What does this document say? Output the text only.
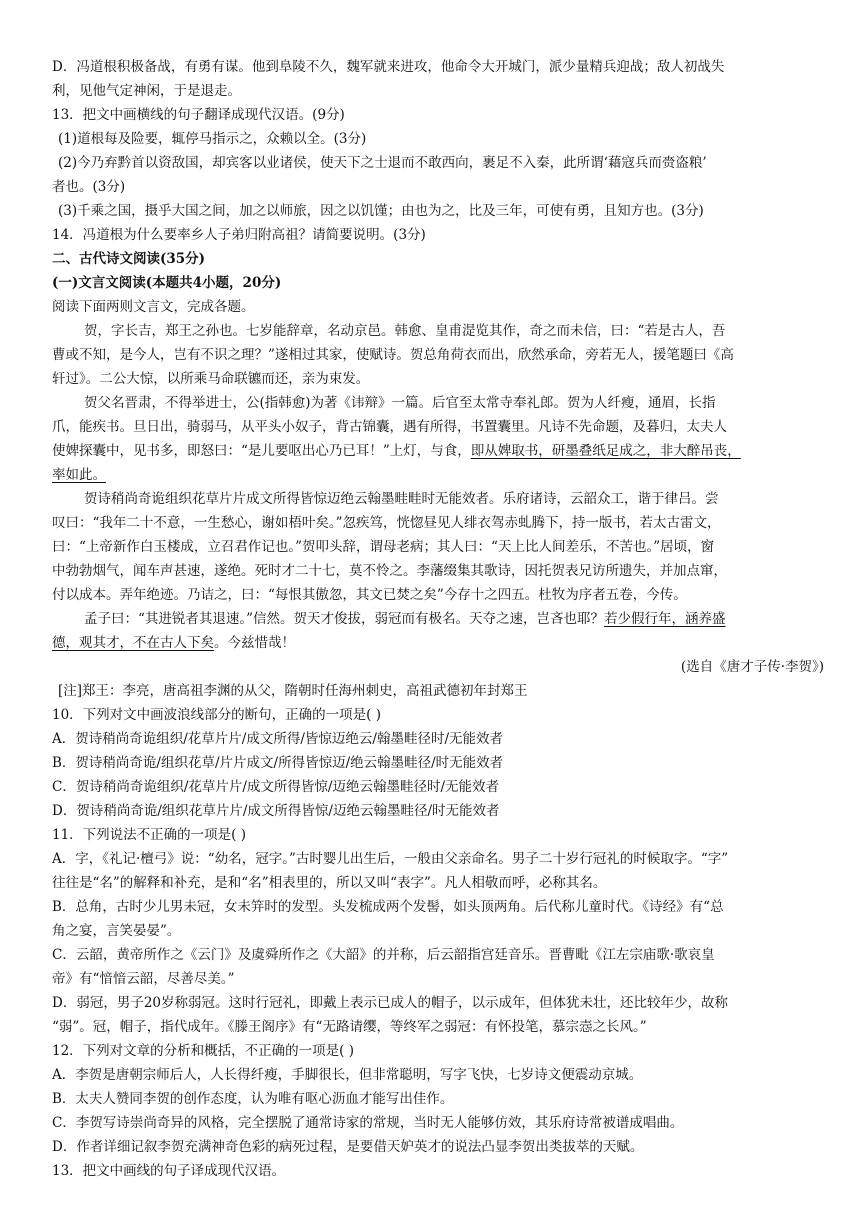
D．冯道根积极备战，有勇有谋。他到阜陵不久，魏军就来进攻，他命令大开城门，派少量精兵迎战；敌人初战失
利，见他气定神闲，于是退走。
13．把文中画横线的句子翻译成现代汉语。(9分)
(1)道根每及险要，辄停马指示之，众赖以全。(3分)
(2)今乃弃黔首以资敌国，却宾客以业诸侯，使天下之士退而不敢西向，裹足不入秦，此所谓‘藉寇兵而赍盗粮’
者也。(3分)
(3)千乘之国，摄乎大国之间，加之以师旅，因之以饥馑；由也为之，比及三年，可使有勇，且知方也。(3分)
14．冯道根为什么要率乡人子弟归附高祖？请简要说明。(3分)
二、古代诗文阅读(35分)
(一)文言文阅读(本题共4小题，20分)
阅读下面两则文言文，完成各题。
贺，字长吉，郑王之孙也。七岁能辞章，名动京邑。韩愈、皇甫湜览其作，奇之而未信，曰：“若是古人，吾
曹或不知，是今人，岂有不识之理？”遂相过其家，使赋诗。贺总角荷衣而出，欣然承命，旁若无人，援笔题曰《高
轩过》。二公大惊，以所乘马命联镳而还，亲为束发。
贺父名晋肃，不得举进士，公(指韩愈)为著《讳辩》一篇。后官至太常寺奉礼郎。贺为人纤瘦，通眉，长指
爪，能疾书。旦日出，骑弱马，从平头小奴子，背古锦囊，遇有所得，书置囊里。凡诗不先命题，及暮归，太夫人
使婢探囊中，见书多，即怒曰：“是儿要呕出心乃已耳！”上灯，与食，即从婢取书，研墨叠纸足成之，非大醉吊丧，
率如此。
贺诗稍尚奇诡组织花草片片成文所得皆惊迈绝云翰墨畦畦时无能效者。乐府诸诗，云韶众工，谐于律吕。尝
叹曰：“我年二十不意，一生愁心，谢如梧叶矣。”忽疾笃，恍惚昼见人绯衣驾赤虬腾下，持一版书，若太古雷文，
曰：“上帝新作白玉楼成，立召君作记也。”贺叩头辞，谓母老病；其人曰：“天上比人间差乐，不苦也。”居顷，窗
中勃勃烟气，闻车声甚速，遂绝。死时才二十七，莫不怜之。李藩缀集其歌诗，因托贺表兄访所遗失，并加点窜，
付以成本。弄年绝迹。乃诘之，曰：“每恨其傲忽，其文已焚之矣”今存十之四五。杜牧为序者五卷，今传。
孟子曰：“其进锐者其退速。”信然。贺天才俊拔，弱冠而有极名。天夺之速，岂吝也耶？若少假行年，涵养盛
德，观其才，不在古人下矣。今兹惜哉！
(选自《唐才子传·李贺》)
[注]郑王：李亮，唐高祖李渊的从父，隋朝时任海州刺史，高祖武德初年封郑王
10．下列对文中画波浪线部分的断句，正确的一项是( )
A．贺诗稍尚奇诡组织/花草片片/成文所得/皆惊迈绝云/翰墨畦径时/无能效者
B．贺诗稍尚奇诡/组织花草/片片成文/所得皆惊迈/绝云翰墨畦径/时无能效者
C．贺诗稍尚奇诡组织/花草片片/成文所得皆惊/迈绝云翰墨畦径时/无能效者
D．贺诗稍尚奇诡/组织花草片片/成文所得皆惊/迈绝云翰墨畦径/时无能效者
11．下列说法不正确的一项是( )
A．字，《礼记·檀弓》说：“幼名，冠字。”古时婴儿出生后，一般由父亲命名。男子二十岁行冠礼的时候取字。“字”
往往是“名”的解释和补充，是和“名”相表里的，所以又叫“表字”。凡人相敬而呼，必称其名。
B．总角，古时少儿男未冠，女未笄时的发型。头发梳成两个发髻，如头顶两角。后代称儿童时代。《诗经》有“总
角之宴，言笑晏晏”。
C．云韶，黄帝所作之《云门》及虞舜所作之《大韶》的并称，后云韶指宫廷音乐。晋曹毗《江左宗庙歌·歌哀皇
帝》有“愔愔云韶，尽善尽美。”
D．弱冠，男子20岁称弱冠。这时行冠礼，即戴上表示已成人的帽子，以示成年，但体犹未壮，还比较年少，故称
“弱”。冠，帽子，指代成年。《滕王阁序》有“无路请缨，等终军之弱冠：有怀投笔，慕宗悫之长风。”
12．下列对文章的分析和概括，不正确的一项是( )
A．李贺是唐朝宗师后人，人长得纤瘦，手脚很长，但非常聪明，写字飞快，七岁诗文便震动京城。
B．太夫人赞同李贺的创作态度，认为唯有呕心沥血才能写出佳作。
C．李贺写诗崇尚奇异的风格，完全摆脱了通常诗家的常规，当时无人能够仿效，其乐府诗常被谱成唱曲。
D．作者详细记叙李贺充满神奇色彩的病死过程，是要借天妒英才的说法凸显李贺出类拔萃的天赋。
13．把文中画线的句子译成现代汉语。
